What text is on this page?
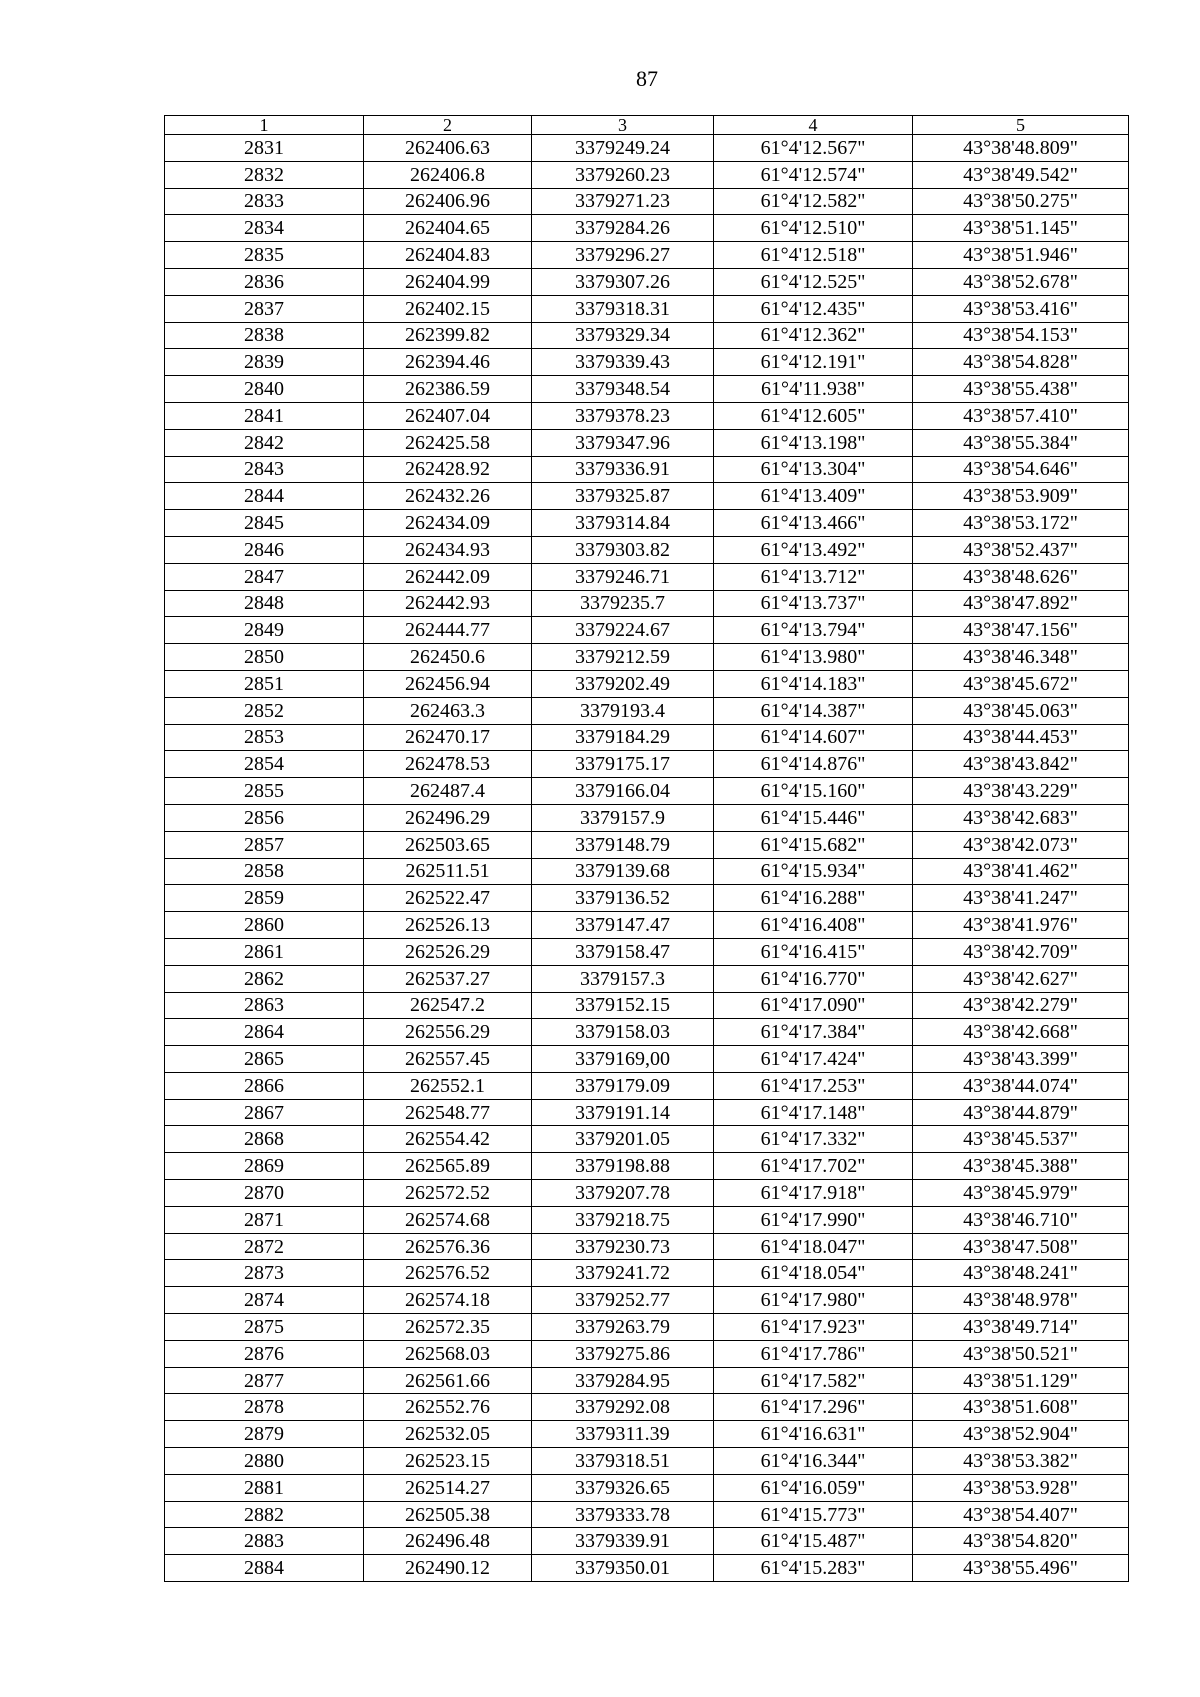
87
1	2	3	4	5
2831	262406.63	3379249.24	61°4'12.567"	43°38'48.809"
2832	262406.8	3379260.23	61°4'12.574"	43°38'49.542"
2833	262406.96	3379271.23	61°4'12.582"	43°38'50.275"
2834	262404.65	3379284.26	61°4'12.510"	43°38'51.145"
2835	262404.83	3379296.27	61°4'12.518"	43°38'51.946"
2836	262404.99	3379307.26	61°4'12.525"	43°38'52.678"
2837	262402.15	3379318.31	61°4'12.435"	43°38'53.416"
2838	262399.82	3379329.34	61°4'12.362"	43°38'54.153"
2839	262394.46	3379339.43	61°4'12.191"	43°38'54.828"
2840	262386.59	3379348.54	61°4'11.938"	43°38'55.438"
2841	262407.04	3379378.23	61°4'12.605"	43°38'57.410"
2842	262425.58	3379347.96	61°4'13.198"	43°38'55.384"
2843	262428.92	3379336.91	61°4'13.304"	43°38'54.646"
2844	262432.26	3379325.87	61°4'13.409"	43°38'53.909"
2845	262434.09	3379314.84	61°4'13.466"	43°38'53.172"
2846	262434.93	3379303.82	61°4'13.492"	43°38'52.437"
2847	262442.09	3379246.71	61°4'13.712"	43°38'48.626"
2848	262442.93	3379235.7	61°4'13.737"	43°38'47.892"
2849	262444.77	3379224.67	61°4'13.794"	43°38'47.156"
2850	262450.6	3379212.59	61°4'13.980"	43°38'46.348"
2851	262456.94	3379202.49	61°4'14.183"	43°38'45.672"
2852	262463.3	3379193.4	61°4'14.387"	43°38'45.063"
2853	262470.17	3379184.29	61°4'14.607"	43°38'44.453"
2854	262478.53	3379175.17	61°4'14.876"	43°38'43.842"
2855	262487.4	3379166.04	61°4'15.160"	43°38'43.229"
2856	262496.29	3379157.9	61°4'15.446"	43°38'42.683"
2857	262503.65	3379148.79	61°4'15.682"	43°38'42.073"
2858	262511.51	3379139.68	61°4'15.934"	43°38'41.462"
2859	262522.47	3379136.52	61°4'16.288"	43°38'41.247"
2860	262526.13	3379147.47	61°4'16.408"	43°38'41.976"
2861	262526.29	3379158.47	61°4'16.415"	43°38'42.709"
2862	262537.27	3379157.3	61°4'16.770"	43°38'42.627"
2863	262547.2	3379152.15	61°4'17.090"	43°38'42.279"
2864	262556.29	3379158.03	61°4'17.384"	43°38'42.668"
2865	262557.45	3379169,00	61°4'17.424"	43°38'43.399"
2866	262552.1	3379179.09	61°4'17.253"	43°38'44.074"
2867	262548.77	3379191.14	61°4'17.148"	43°38'44.879"
2868	262554.42	3379201.05	61°4'17.332"	43°38'45.537"
2869	262565.89	3379198.88	61°4'17.702"	43°38'45.388"
2870	262572.52	3379207.78	61°4'17.918"	43°38'45.979"
2871	262574.68	3379218.75	61°4'17.990"	43°38'46.710"
2872	262576.36	3379230.73	61°4'18.047"	43°38'47.508"
2873	262576.52	3379241.72	61°4'18.054"	43°38'48.241"
2874	262574.18	3379252.77	61°4'17.980"	43°38'48.978"
2875	262572.35	3379263.79	61°4'17.923"	43°38'49.714"
2876	262568.03	3379275.86	61°4'17.786"	43°38'50.521"
2877	262561.66	3379284.95	61°4'17.582"	43°38'51.129"
2878	262552.76	3379292.08	61°4'17.296"	43°38'51.608"
2879	262532.05	3379311.39	61°4'16.631"	43°38'52.904"
2880	262523.15	3379318.51	61°4'16.344"	43°38'53.382"
2881	262514.27	3379326.65	61°4'16.059"	43°38'53.928"
2882	262505.38	3379333.78	61°4'15.773"	43°38'54.407"
2883	262496.48	3379339.91	61°4'15.487"	43°38'54.820"
2884	262490.12	3379350.01	61°4'15.283"	43°38'55.496"
